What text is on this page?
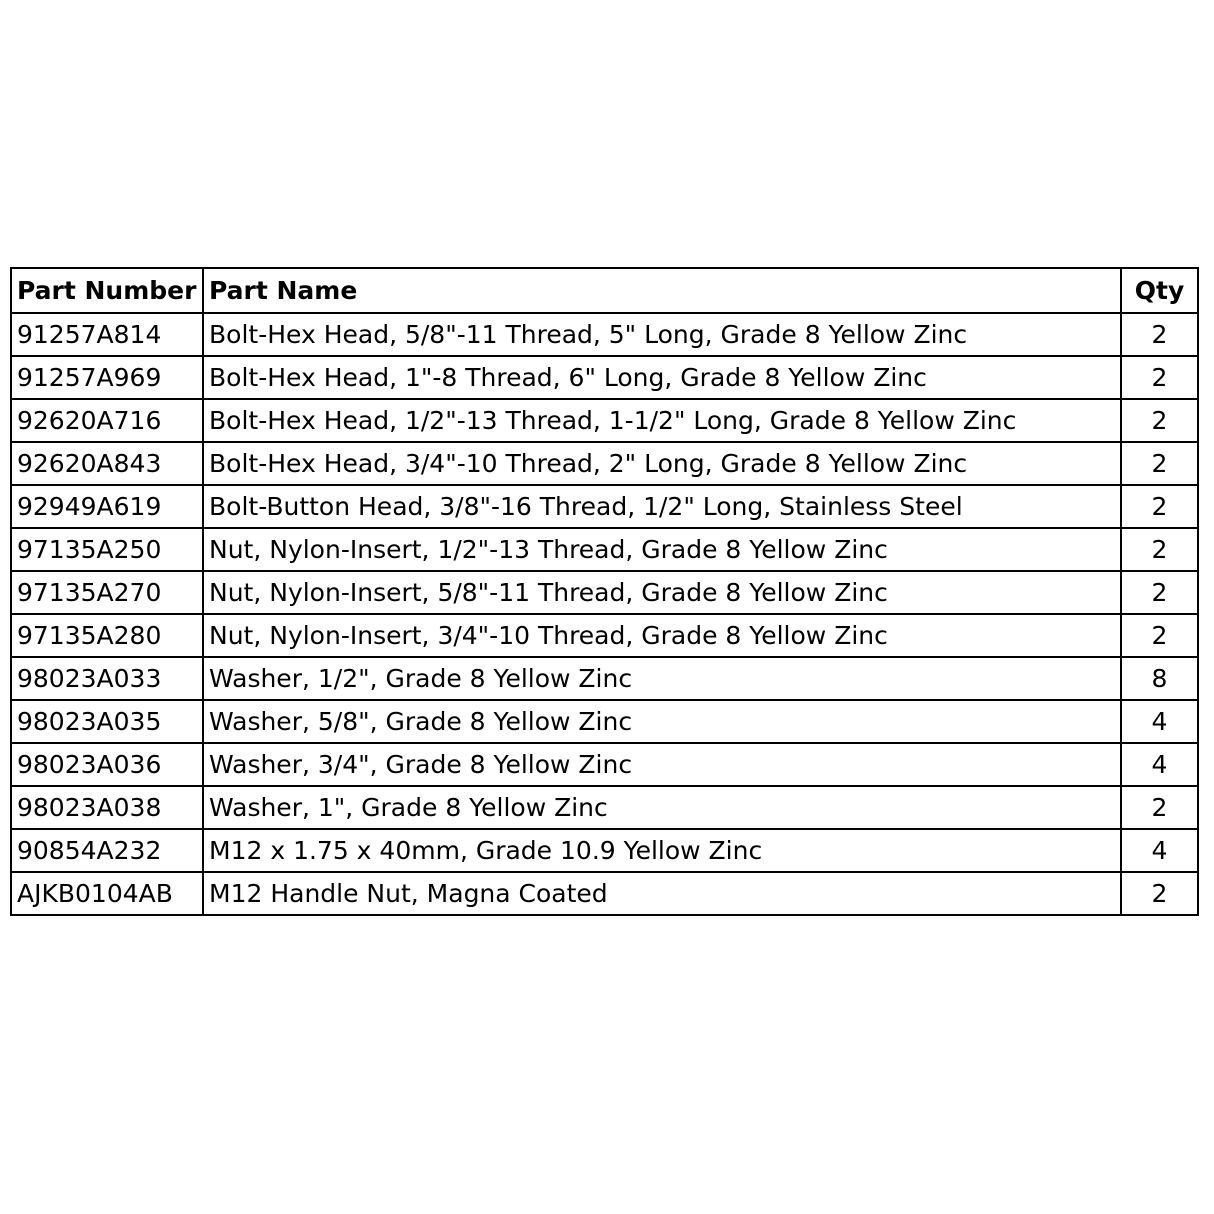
Part Number	Part Name	Qty
91257A814	Bolt-Hex Head, 5/8"-11 Thread, 5" Long, Grade 8 Yellow Zinc	2
91257A969	Bolt-Hex Head, 1"-8 Thread, 6" Long, Grade 8 Yellow Zinc	2
92620A716	Bolt-Hex Head, 1/2"-13 Thread, 1-1/2" Long, Grade 8 Yellow Zinc	2
92620A843	Bolt-Hex Head, 3/4"-10 Thread, 2" Long, Grade 8 Yellow Zinc	2
92949A619	Bolt-Button Head, 3/8"-16 Thread, 1/2" Long, Stainless Steel	2
97135A250	Nut, Nylon-Insert, 1/2"-13 Thread, Grade 8 Yellow Zinc	2
97135A270	Nut, Nylon-Insert, 5/8"-11 Thread, Grade 8 Yellow Zinc	2
97135A280	Nut, Nylon-Insert, 3/4"-10 Thread, Grade 8 Yellow Zinc	2
98023A033	Washer, 1/2", Grade 8 Yellow Zinc	8
98023A035	Washer, 5/8", Grade 8 Yellow Zinc	4
98023A036	Washer, 3/4", Grade 8 Yellow Zinc	4
98023A038	Washer, 1", Grade 8 Yellow Zinc	2
90854A232	M12 x 1.75 x 40mm, Grade 10.9 Yellow Zinc	4
AJKB0104AB	M12 Handle Nut, Magna Coated	2
